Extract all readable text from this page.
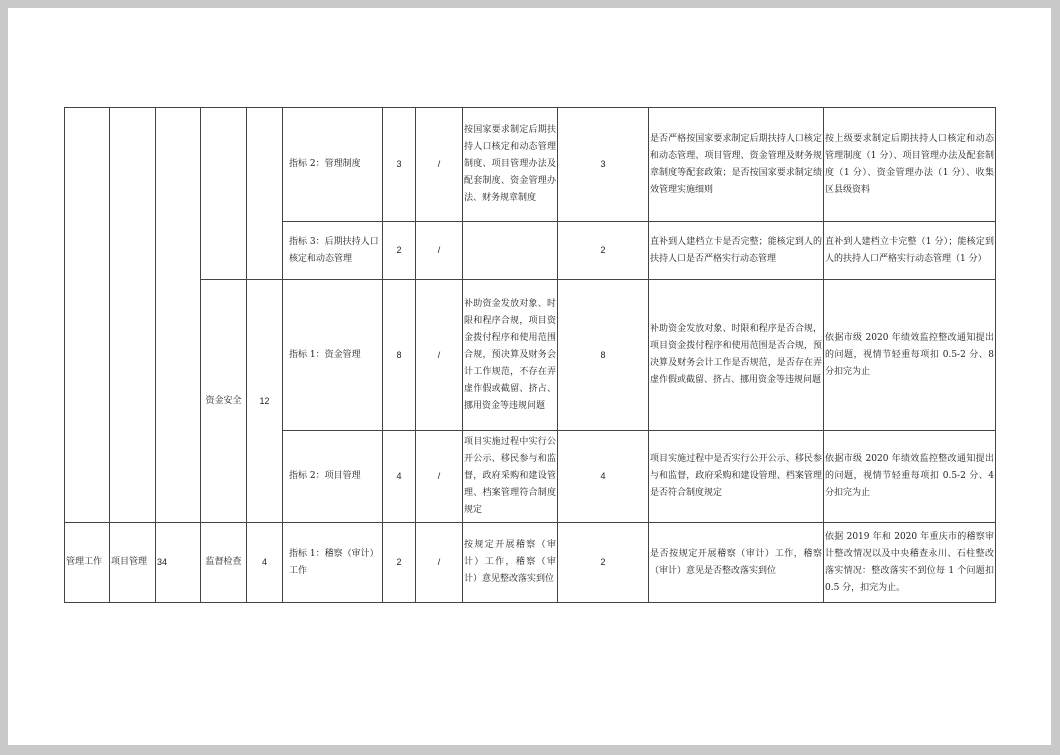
					指标 2：管理制度	3	/	按国家要求制定后期扶持人口核定和动态管理制度、项目管理办法及配套制度、资金管理办法、财务规章制度	3	是否严格按国家要求制定后期扶持人口核定和动态管理、项目管理、资金管理及财务规章制度等配套政策；是否按国家要求制定绩效管理实施细则	按上级要求制定后期扶持人口核定和动态管理制度（1 分）、项目管理办法及配套制度（1 分）、资金管理办法（1 分）、收集区县级资料
					指标 3：后期扶持人口核定和动态管理	2	/		2	直补到人建档立卡是否完整；能核定到人的扶持人口是否严格实行动态管理	直补到人建档立卡完整（1 分）；能核定到人的扶持人口严格实行动态管理（1 分）
			资金安全	12	指标 1：资金管理	8	/	补助资金发放对象、时限和程序合规，项目资金拨付程序和使用范围合规，预决算及财务会计工作规范，不存在弄虚作假或截留、挤占、挪用资金等违规问题	8	补助资金发放对象、时限和程序是否合规，项目资金拨付程序和使用范围是否合规，预决算及财务会计工作是否规范，是否存在弄虚作假或截留、挤占、挪用资金等违规问题	依据市级 2020 年绩效监控整改通知提出的问题，视情节轻重每项扣 0.5-2 分、8 分扣完为止
					指标 2：项目管理	4	/	项目实施过程中实行公开公示、移民参与和监督，政府采购和建设管理、档案管理符合制度规定	4	项目实施过程中是否实行公开公示、移民参与和监督，政府采购和建设管理、档案管理是否符合制度规定	依据市级 2020 年绩效监控整改通知提出的问题，视情节轻重每项扣 0.5-2 分、4 分扣完为止
管理工作	项目管理	34	监督检查	4	指标 1：稽察（审计）工作	2	/	按规定开展稽察（审计）工作，稽察（审计）意见整改落实到位	2	是否按规定开展稽察（审计）工作，稽察（审计）意见是否整改落实到位	依据 2019 年和 2020 年重庆市的稽察审计整改情况以及中央稽查永川、石柱整改落实情况：整改落实不到位每 1 个问题扣 0.5 分，扣完为止。
